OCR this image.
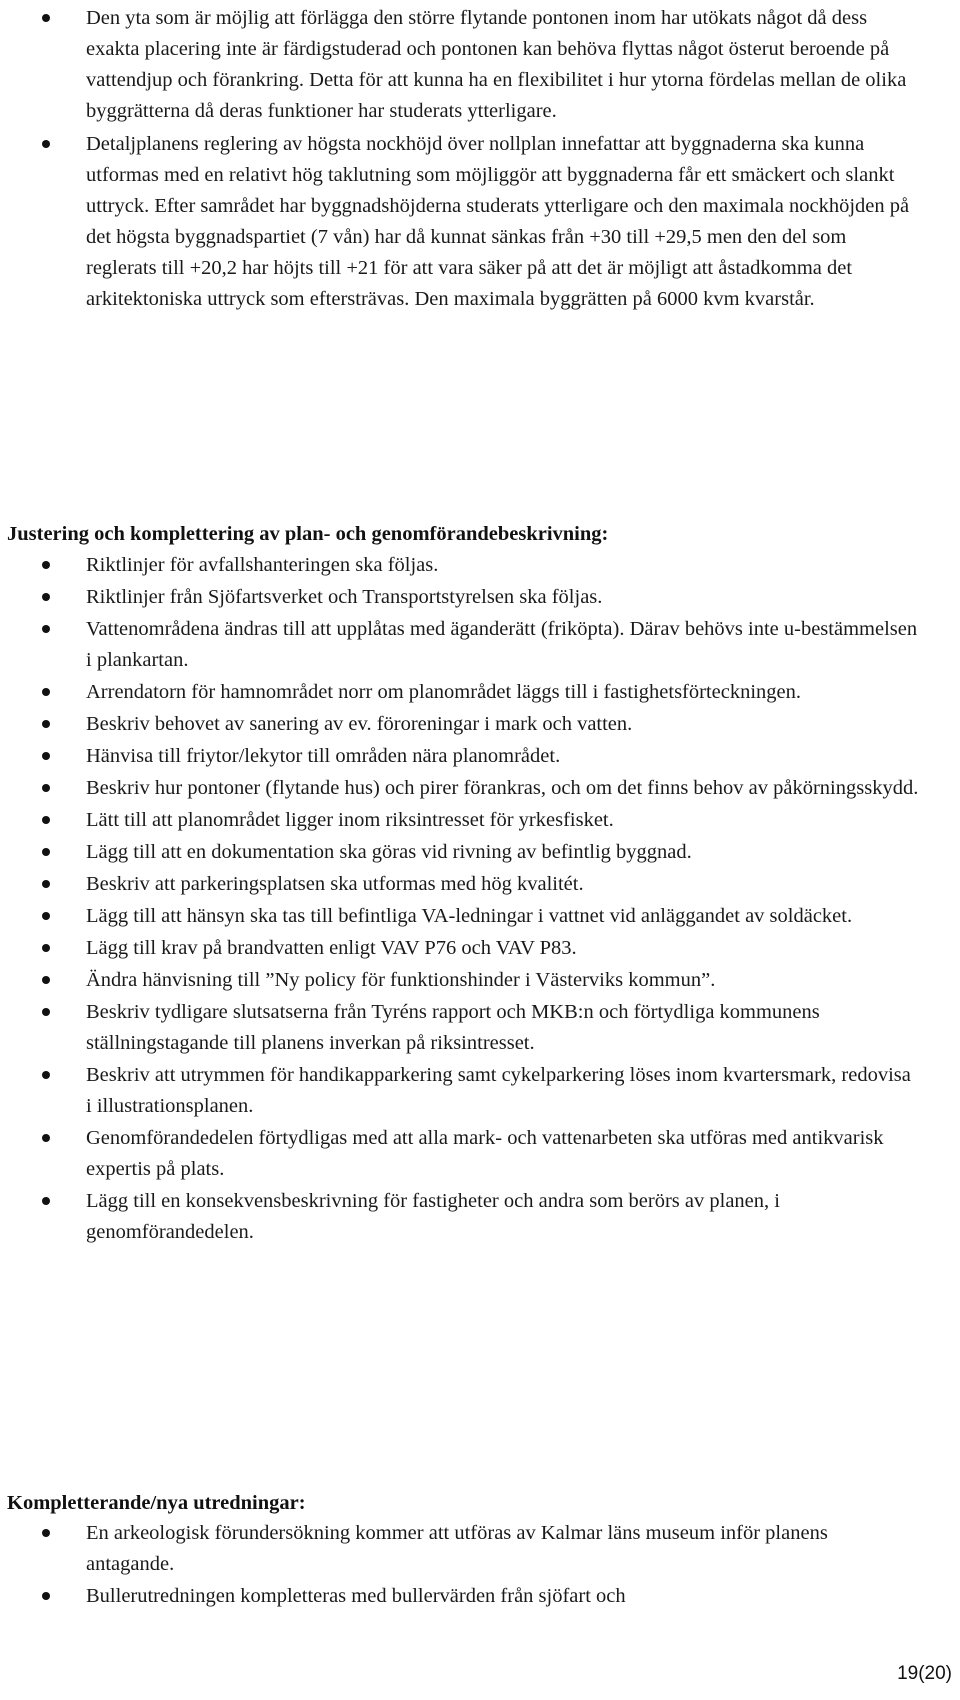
Den yta som är möjlig att förlägga den större flytande pontonen inom har utökats något då dess exakta placering inte är färdigstuderad och pontonen kan behöva flyttas något österut beroende på vattendjup och förankring. Detta för att kunna ha en flexibilitet i hur ytorna fördelas mellan de olika byggrätterna då deras funktioner har studerats ytterligare.
Detaljplanens reglering av högsta nockhöjd över nollplan innefattar att byggnaderna ska kunna utformas med en relativt hög taklutning som möjliggör att byggnaderna får ett smäckert och slankt uttryck. Efter samrådet har byggnadshöjderna studerats ytterligare och den maximala nockhöjden på det högsta byggnadspartiet (7 vån) har då kunnat sänkas från +30 till +29,5 men den del som reglerats till +20,2 har höjts till +21 för att vara säker på att det är möjligt att åstadkomma det arkitektoniska uttryck som eftersträvas. Den maximala byggrätten på 6000 kvm kvarstår.
Justering och komplettering av plan- och genomförandebeskrivning:
Riktlinjer för avfallshanteringen ska följas.
Riktlinjer från Sjöfartsverket och Transportstyrelsen ska följas.
Vattenområdena ändras till att upplåtas med äganderätt (friköpta). Därav behövs inte u-bestämmelsen i plankartan.
Arrendatorn för hamnområdet norr om planområdet läggs till i fastighetsförteckningen.
Beskriv behovet av sanering av ev. föroreningar i mark och vatten.
Hänvisa till friytor/lekytor till områden nära planområdet.
Beskriv hur pontoner (flytande hus) och pirer förankras, och om det finns behov av påkörningsskydd.
Lätt till att planområdet ligger inom riksintresset för yrkesfisket.
Lägg till att en dokumentation ska göras vid rivning av befintlig byggnad.
Beskriv att parkeringsplatsen ska utformas med hög kvalitét.
Lägg till att hänsyn ska tas till befintliga VA-ledningar i vattnet vid anläggandet av soldäcket.
Lägg till krav på brandvatten enligt VAV P76 och VAV P83.
Ändra hänvisning till ”Ny policy för funktionshinder i Västerviks kommun”.
Beskriv tydligare slutsatserna från Tyréns rapport och MKB:n och förtydliga kommunens ställningstagande till planens inverkan på riksintresset.
Beskriv att utrymmen för handikapparkering samt cykelparkering löses inom kvartersmark, redovisa i illustrationsplanen.
Genomförandedelen förtydligas med att alla mark- och vattenarbeten ska utföras med antikvarisk expertis på plats.
Lägg till en konsekvensbeskrivning för fastigheter och andra som berörs av planen, i genomförandedelen.
Kompletterande/nya utredningar:
En arkeologisk förundersökning kommer att utföras av Kalmar läns museum inför planens antagande.
Bullerutredningen kompletteras med bullervärden från sjöfart och
19(20)
